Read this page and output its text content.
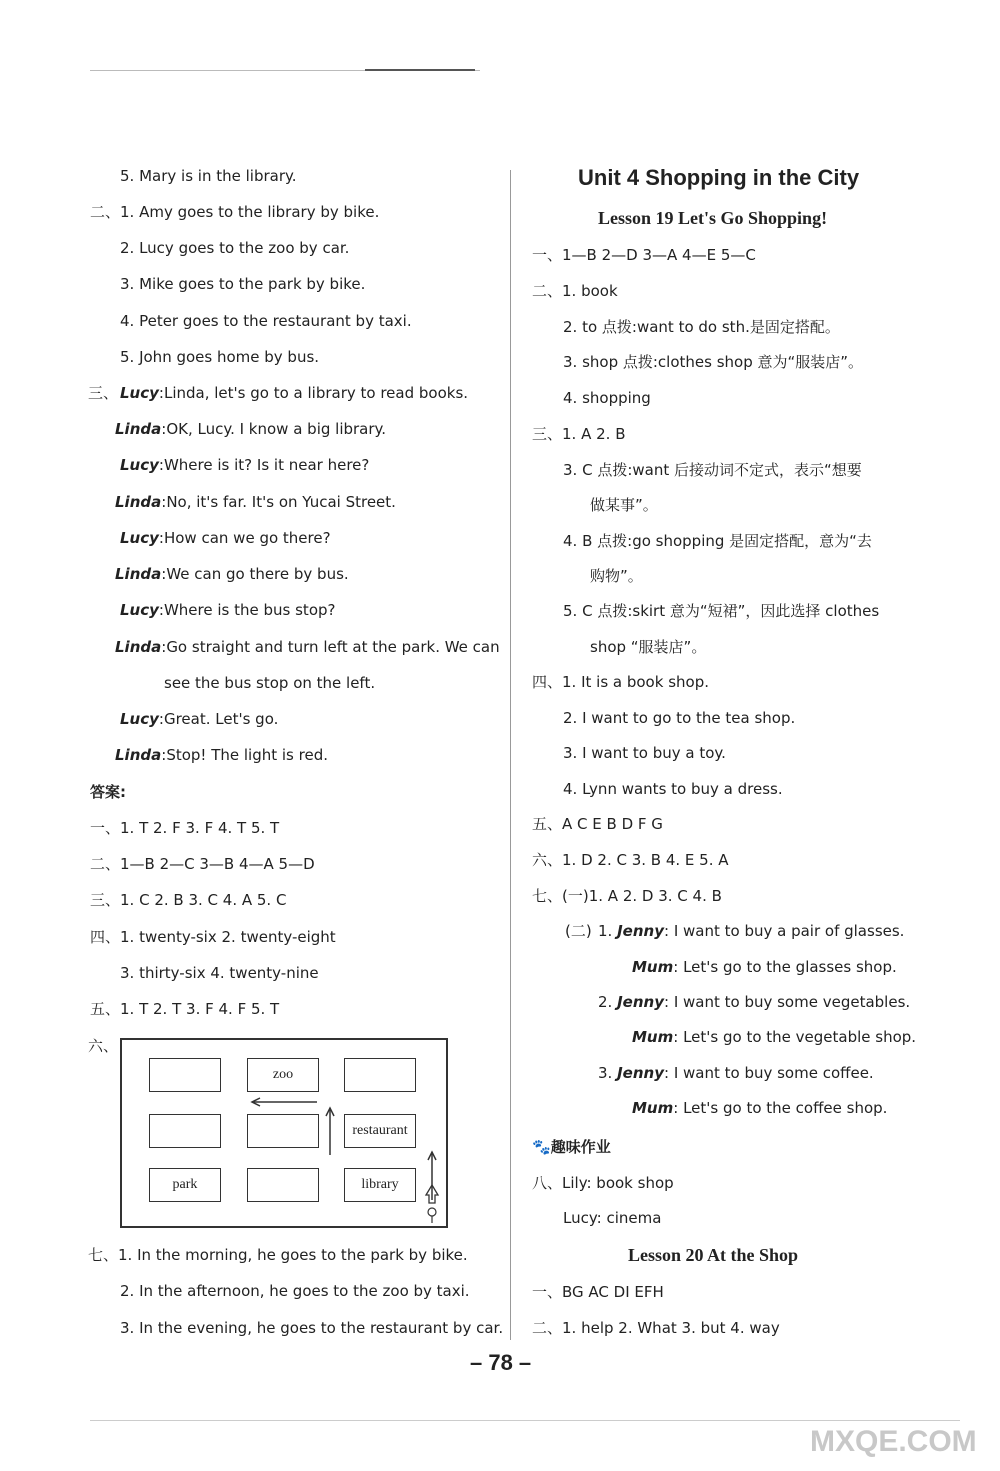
5. Mary is in the library.
二、1. Amy goes to the library by bike.
2. Lucy goes to the zoo by car.
3. Mike goes to the park by bike.
4. Peter goes to the restaurant by taxi.
5. John goes home by bus.
三、 Lucy:Linda, let's go to a library to read books.
Linda:OK, Lucy. I know a big library.
Lucy:Where is it? Is it near here?
Linda:No, it's far. It's on Yucai Street.
Lucy:How can we go there?
Linda:We can go there by bus.
Lucy:Where is the bus stop?
Linda:Go straight and turn left at the park. We can
see the bus stop on the left.
Lucy:Great. Let's go.
Linda:Stop! The light is red.
答案:
一、1. T 2. F 3. F 4. T 5. T
二、1—B 2—C 3—B 4—A 5—D
三、1. C 2. B 3. C 4. A 5. C
四、1. twenty-six 2. twenty-eight
3. thirty-six 4. twenty-nine
五、1. T 2. T 3. F 4. F 5. T
六、
zoo
restaurant
park	library
七、1. In the morning, he goes to the park by bike.
2. In the afternoon, he goes to the zoo by taxi.
3. In the evening, he goes to the restaurant by car.
Unit 4 Shopping in the City
Lesson 19 Let's Go Shopping!
一、1—B 2—D 3—A 4—E 5—C
二、1. book
2. to 点拨:want to do sth.是固定搭配。
3. shop 点拨:clothes shop 意为“服装店”。
4. shopping
三、1. A 2. B
3. C 点拨:want 后接动词不定式，表示“想要
做某事”。
4. B 点拨:go shopping 是固定搭配，意为“去
购物”。
5. C 点拨:skirt 意为“短裙”，因此选择 clothes
shop “服装店”。
四、1. It is a book shop.
2. I want to go to the tea shop.
3. I want to buy a toy.
4. Lynn wants to buy a dress.
五、A C E B D F G
六、1. D 2. C 3. B 4. E 5. A
七、(一)1. A 2. D 3. C 4. B
(二) 1. Jenny: I want to buy a pair of glasses.
Mum: Let's go to the glasses shop.
2. Jenny: I want to buy some vegetables.
Mum: Let's go to the vegetable shop.
3. Jenny: I want to buy some coffee.
Mum: Let's go to the coffee shop.
🐾趣味作业
八、Lily: book shop
Lucy: cinema
Lesson 20 At the Shop
一、BG AC DI EFH
二、1. help 2. What 3. but 4. way
– 78 –
MXQE.COM
